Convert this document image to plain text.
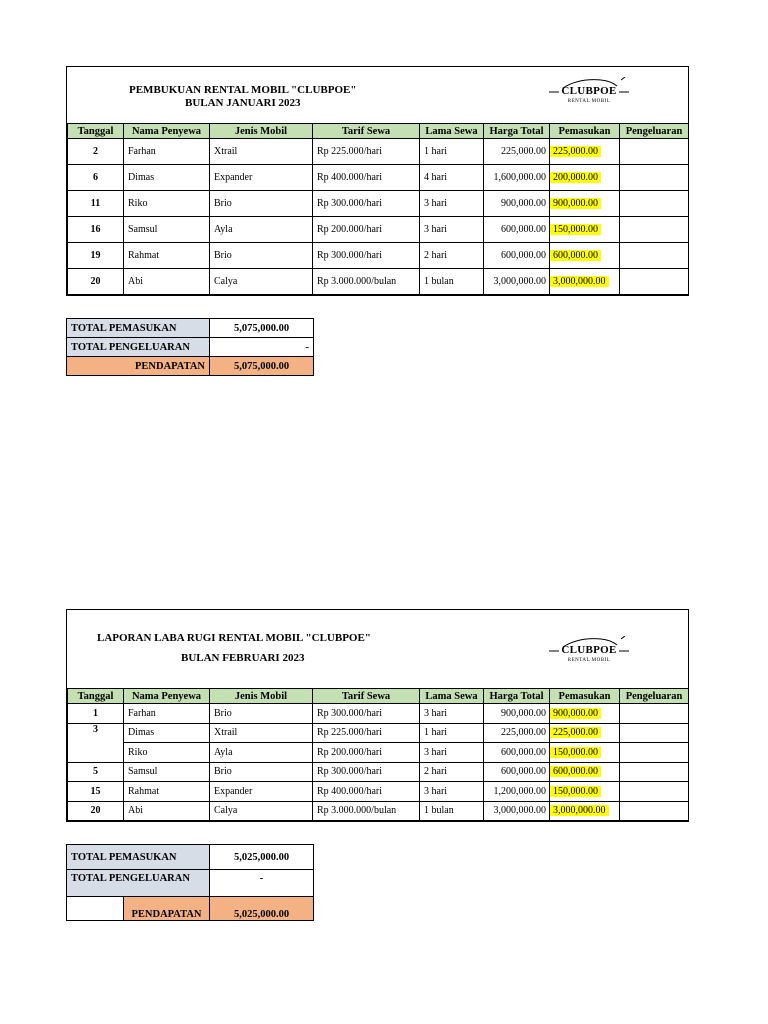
PEMBUKUAN RENTAL MOBIL "CLUBPOE"
BULAN JANUARI 2023
CLUBPOE
RENTAL MOBIL
Tanggal	Nama Penyewa	Jenis Mobil	Tarif Sewa	Lama Sewa	Harga Total	Pemasukan	Pengeluaran
2	Farhan	Xtrail	Rp 225.000/hari	1 hari	225,000.00	225,000.00	
6	Dimas	Expander	Rp 400.000/hari	4 hari	1,600,000.00	200,000.00	
11	Riko	Brio	Rp 300.000/hari	3 hari	900,000.00	900,000.00	
16	Samsul	Ayla	Rp 200.000/hari	3 hari	600,000.00	150,000.00	
19	Rahmat	Brio	Rp 300.000/hari	2 hari	600,000.00	600,000.00	
20	Abi	Calya	Rp 3.000.000/bulan	1 bulan	3,000,000.00	3,000,000.00	
TOTAL PEMASUKAN	5,075,000.00
TOTAL PENGELUARAN	-
PENDAPATAN	5,075,000.00
LAPORAN LABA RUGI RENTAL MOBIL "CLUBPOE"
BULAN FEBRUARI 2023
CLUBPOE
RENTAL MOBIL
Tanggal	Nama Penyewa	Jenis Mobil	Tarif Sewa	Lama Sewa	Harga Total	Pemasukan	Pengeluaran
1	Farhan	Brio	Rp 300.000/hari	3 hari	900,000.00	900,000.00	
3	Dimas	Xtrail	Rp 225.000/hari	1 hari	225,000.00	225,000.00	
	Riko	Ayla	Rp 200.000/hari	3 hari	600,000.00	150,000.00	
5	Samsul	Brio	Rp 300.000/hari	2 hari	600,000.00	600,000.00	
15	Rahmat	Expander	Rp 400.000/hari	3 hari	1,200,000.00	150,000.00	
20	Abi	Calya	Rp 3.000.000/bulan	1 bulan	3,000,000.00	3,000,000.00	
TOTAL PEMASUKAN		5,025,000.00
TOTAL PENGELUARAN		-
	PENDAPATAN	5,025,000.00
